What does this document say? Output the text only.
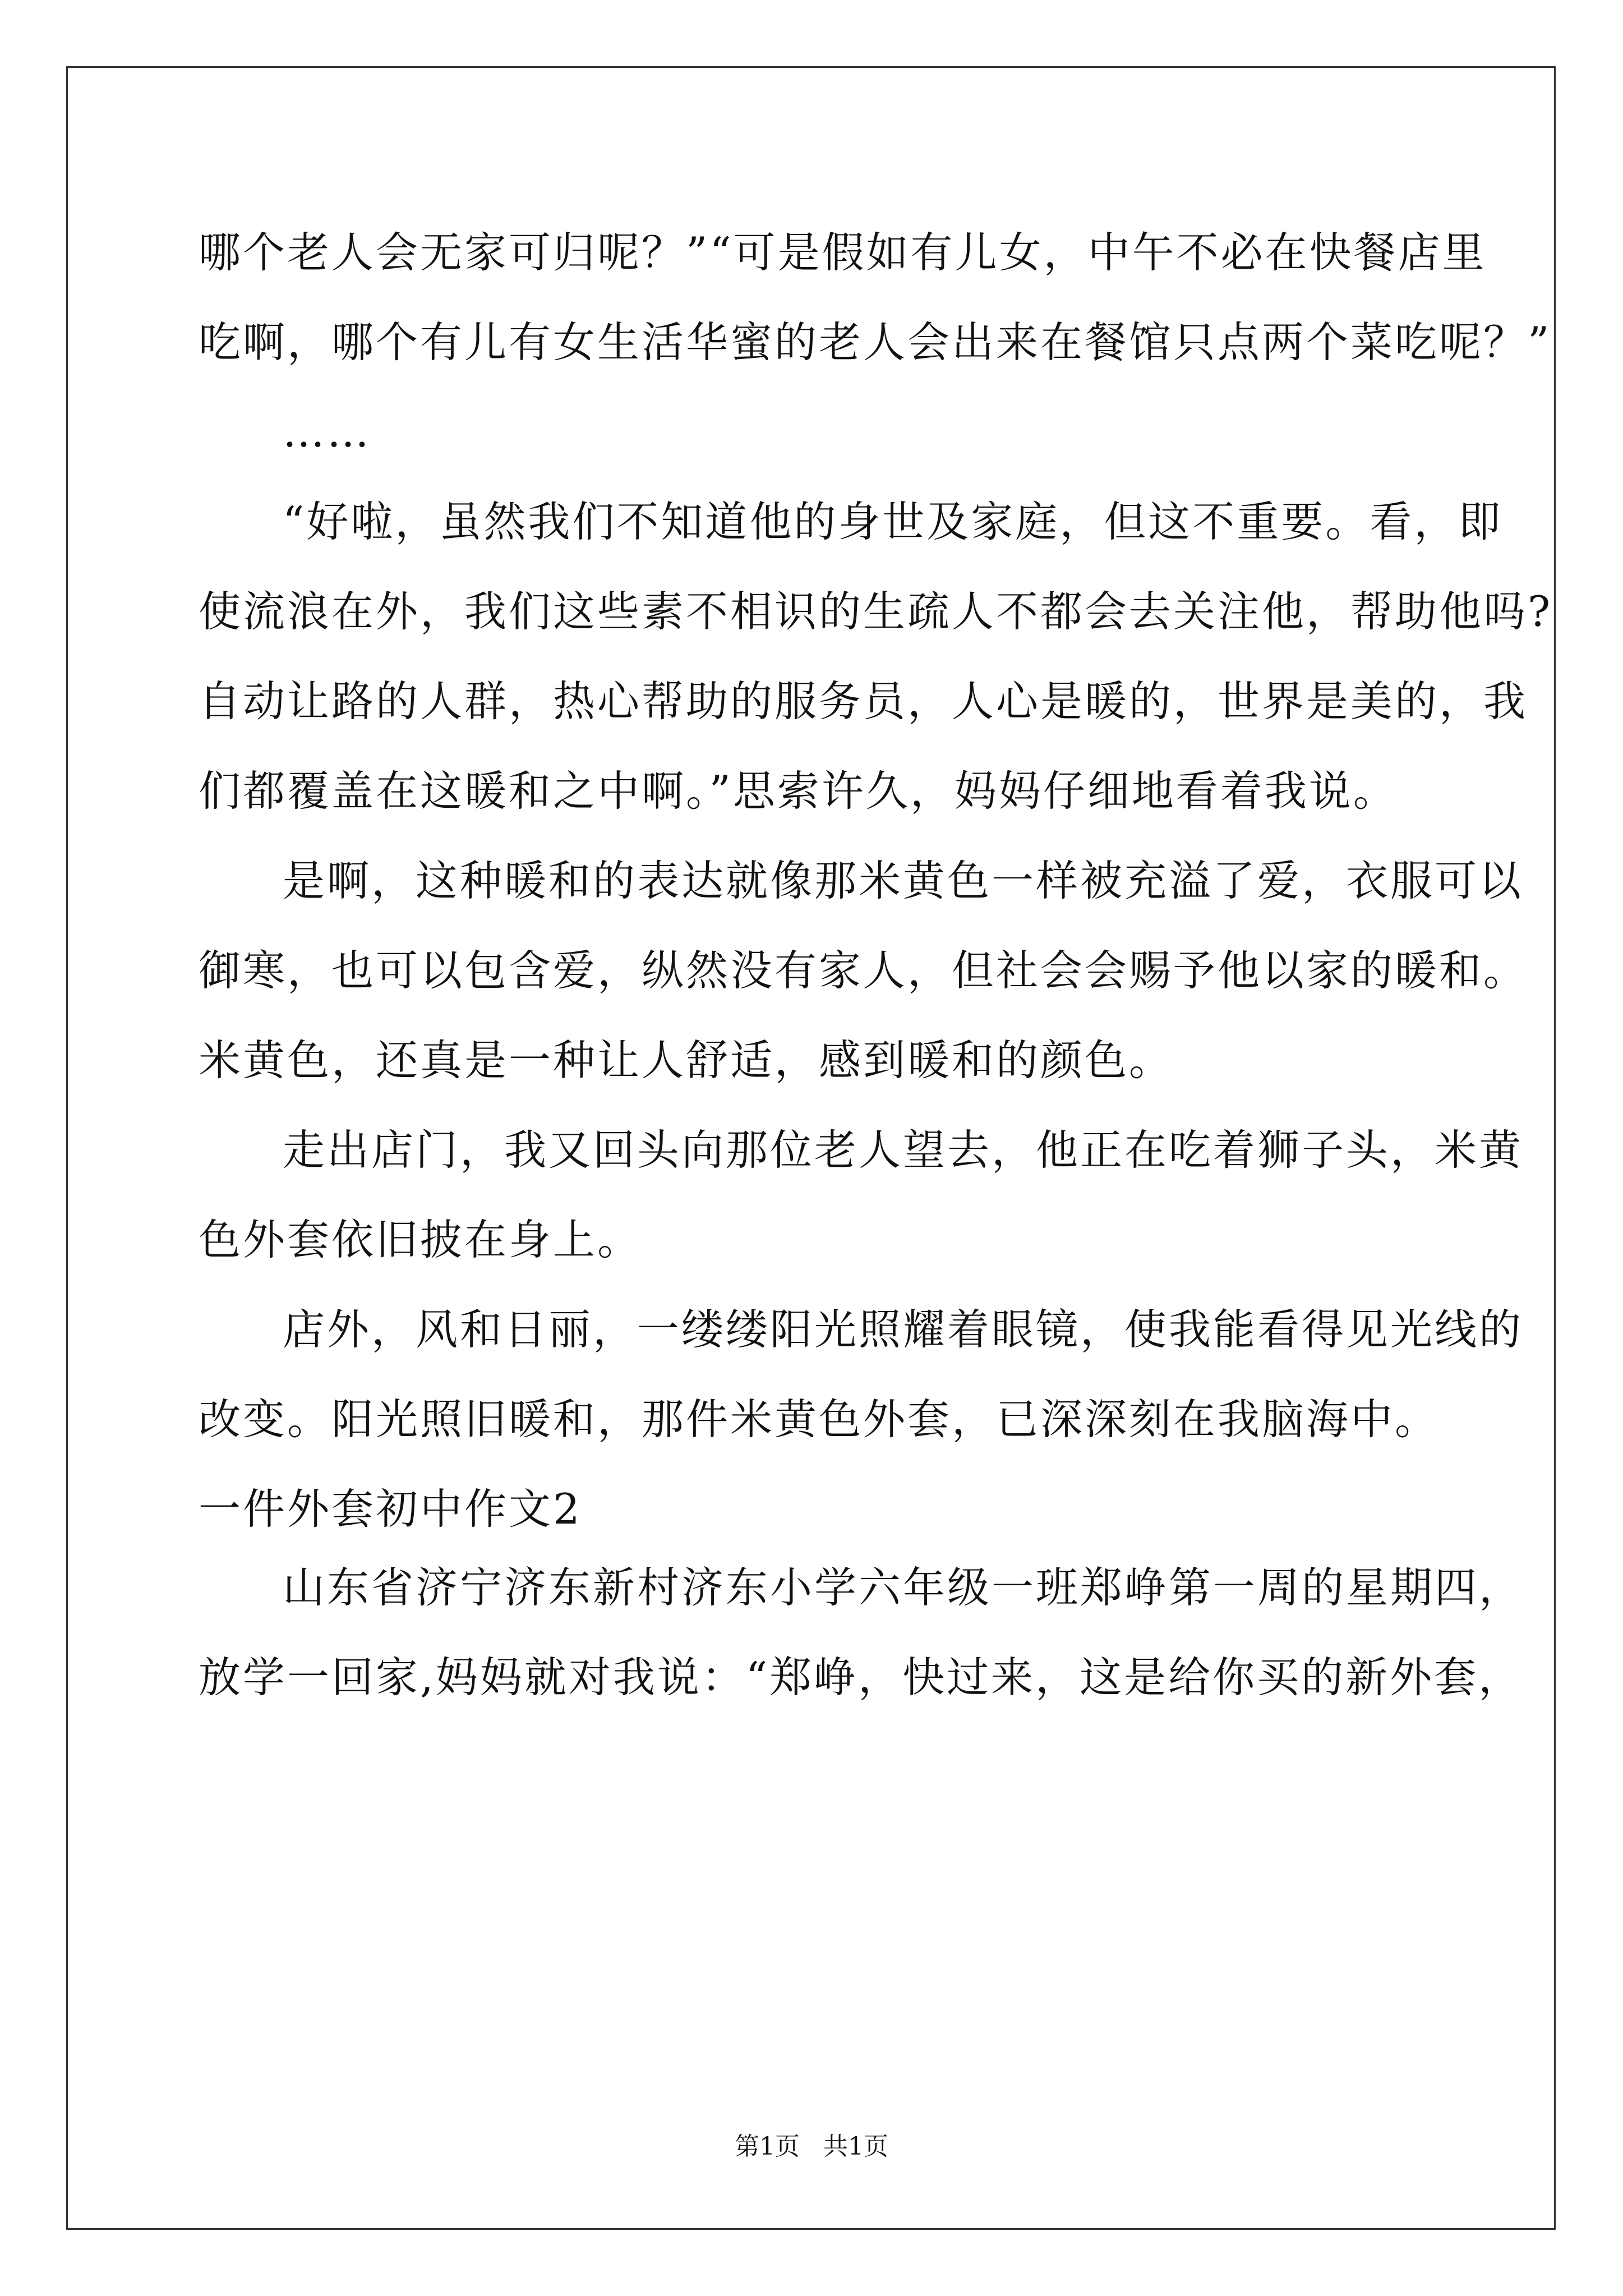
哪个老人会无家可归呢？”“可是假如有儿女，中午不必在快餐店里
吃啊，哪个有儿有女生活华蜜的老人会出来在餐馆只点两个菜吃呢？”
……
“好啦，虽然我们不知道他的身世及家庭，但这不重要。看，即
使流浪在外，我们这些素不相识的生疏人不都会去关注他，帮助他吗?
自动让路的人群，热心帮助的服务员，人心是暖的，世界是美的，我
们都覆盖在这暖和之中啊。”思索许久，妈妈仔细地看着我说。
是啊，这种暖和的表达就像那米黄色一样被充溢了爱，衣服可以
御寒，也可以包含爱，纵然没有家人，但社会会赐予他以家的暖和。
米黄色，还真是一种让人舒适，感到暖和的颜色。
走出店门，我又回头向那位老人望去，他正在吃着狮子头，米黄
色外套依旧披在身上。
店外，风和日丽，一缕缕阳光照耀着眼镜，使我能看得见光线的
改变。阳光照旧暖和，那件米黄色外套，已深深刻在我脑海中。
一件外套初中作文2
山东省济宁济东新村济东小学六年级一班郑峥第一周的星期四，
放学一回家,妈妈就对我说：“郑峥，快过来，这是给你买的新外套，
第1页   共1页
